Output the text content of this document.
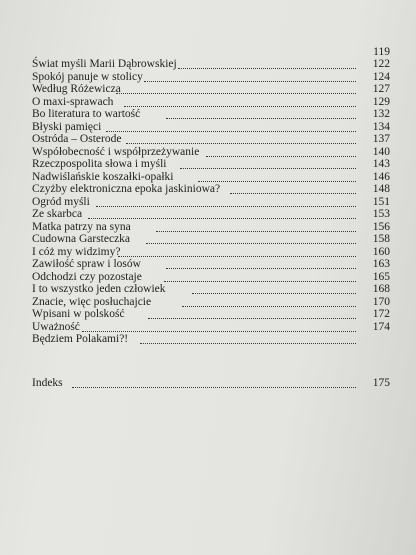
119
Świat myśli Marii Dąbrowskiej	122
Spokój panuje w stolicy	124
Według Różewicza	127
O maxi-sprawach	129
Bo literatura to wartość	132
Błyski pamięci	134
Ostróda – Osterode	137
Współobecność i współprzeżywanie	140
Rzeczpospolita słowa i myśli	143
Nadwiślańskie koszałki-opałki	146
Czyżby elektroniczna epoka jaskiniowa?	148
Ogród myśli	151
Ze skarbca	153
Matka patrzy na syna	156
Cudowna Garsteczka	158
I cóż my widzimy?	160
Zawiłość spraw i losów	163
Odchodzi czy pozostaje	165
I to wszystko jeden człowiek	168
Znacie, więc posłuchajcie	170
Wpisani w polskość	172
Uważność	174
Będziem Polakami?!
Indeks	175
